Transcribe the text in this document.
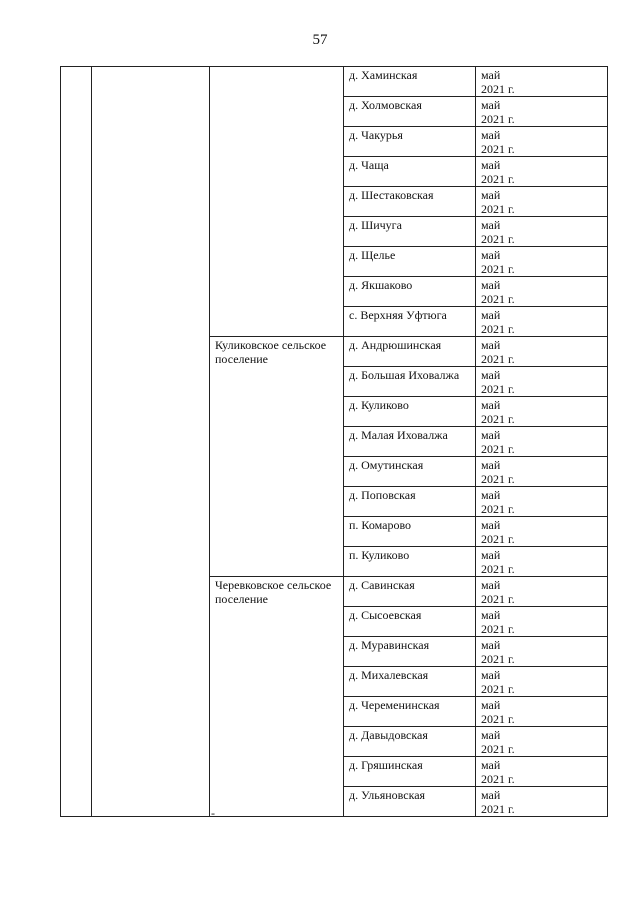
57
			д. Хаминская	май
2021 г.
			д. Холмовская	май
2021 г.
			д. Чакурья	май
2021 г.
			д. Чаща	май
2021 г.
			д. Шестаковская	май
2021 г.
			д. Шичуга	май
2021 г.
			д. Щелье	май
2021 г.
			д. Якшаково	май
2021 г.
			с. Верхняя Уфтюга	май
2021 г.
		Куликовское сельское поселение	д. Андрюшинская	май
2021 г.
			д. Большая Иховалжа	май
2021 г.
			д. Куликово	май
2021 г.
			д. Малая Иховалжа	май
2021 г.
			д. Омутинская	май
2021 г.
			д. Поповская	май
2021 г.
			п. Комарово	май
2021 г.
			п. Куликово	май
2021 г.
		Черевковское сельское поселение	д. Савинская	май
2021 г.
			д. Сысоевская	май
2021 г.
			д. Муравинская	май
2021 г.
			д. Михалевская	май
2021 г.
			д. Череменинская	май
2021 г.
			д. Давыдовская	май
2021 г.
			д. Гряшинская	май
2021 г.
			д. Ульяновская	май
2021 г.
-
